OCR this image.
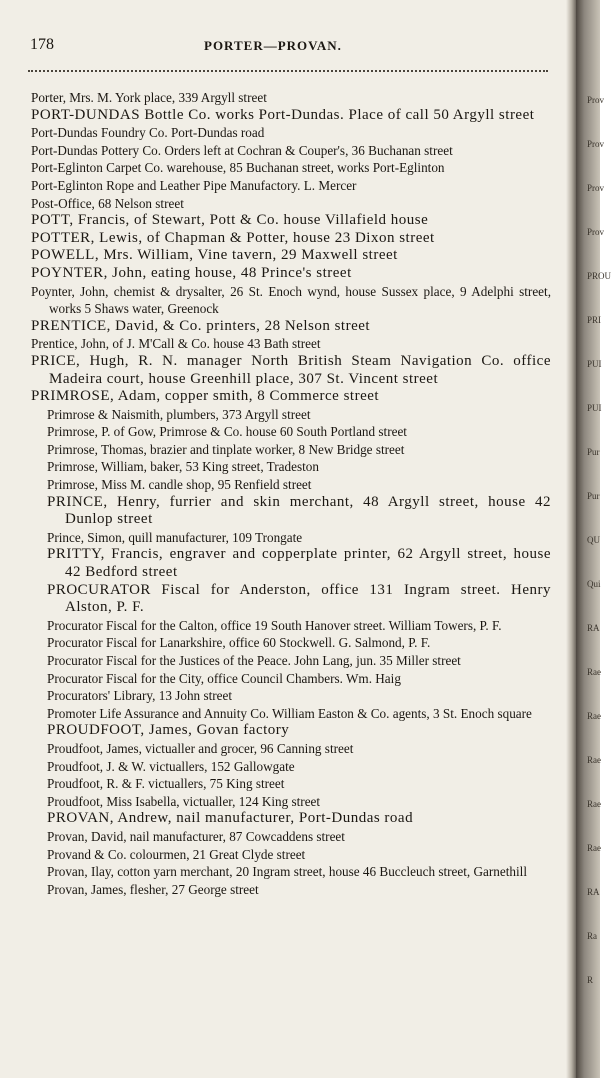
178	PORTER—PROVAN.
Porter, Mrs. M. York place, 339 Argyll street
PORT-DUNDAS Bottle Co. works Port-Dundas. Place of call 50 Argyll street
Port-Dundas Foundry Co. Port-Dundas road
Port-Dundas Pottery Co. Orders left at Cochran & Couper's, 36 Buchanan street
Port-Eglinton Carpet Co. warehouse, 85 Buchanan street, works Port-Eglinton
Port-Eglinton Rope and Leather Pipe Manufactory. L. Mercer
Post-Office, 68 Nelson street
POTT, Francis, of Stewart, Pott & Co. house Villafield house
POTTER, Lewis, of Chapman & Potter, house 23 Dixon street
POWELL, Mrs. William, Vine tavern, 29 Maxwell street
POYNTER, John, eating house, 48 Prince's street
Poynter, John, chemist & drysalter, 26 St. Enoch wynd, house Sussex place, 9 Adelphi street, works 5 Shaws water, Greenock
PRENTICE, David, & Co. printers, 28 Nelson street
Prentice, John, of J. M'Call & Co. house 43 Bath street
PRICE, Hugh, R. N. manager North British Steam Navigation Co. office Madeira court, house Greenhill place, 307 St. Vincent street
PRIMROSE, Adam, copper smith, 8 Commerce street
Primrose & Naismith, plumbers, 373 Argyll street
Primrose, P. of Gow, Primrose & Co. house 60 South Portland street
Primrose, Thomas, brazier and tinplate worker, 8 New Bridge street
Primrose, William, baker, 53 King street, Tradeston
Primrose, Miss M. candle shop, 95 Renfield street
PRINCE, Henry, furrier and skin merchant, 48 Argyll street, house 42 Dunlop street
Prince, Simon, quill manufacturer, 109 Trongate
PRITTY, Francis, engraver and copperplate printer, 62 Argyll street, house 42 Bedford street
PROCURATOR Fiscal for Anderston, office 131 Ingram street. Henry Alston, P. F.
Procurator Fiscal for the Calton, office 19 South Hanover street. William Towers, P. F.
Procurator Fiscal for Lanarkshire, office 60 Stockwell. G. Salmond, P. F.
Procurator Fiscal for the Justices of the Peace. John Lang, jun. 35 Miller street
Procurator Fiscal for the City, office Council Chambers. Wm. Haig
Procurators' Library, 13 John street
Promoter Life Assurance and Annuity Co. William Easton & Co. agents, 3 St. Enoch square
PROUDFOOT, James, Govan factory
Proudfoot, James, victualler and grocer, 96 Canning street
Proudfoot, J. & W. victuallers, 152 Gallowgate
Proudfoot, R. & F. victuallers, 75 King street
Proudfoot, Miss Isabella, victualler, 124 King street
PROVAN, Andrew, nail manufacturer, Port-Dundas road
Provan, David, nail manufacturer, 87 Cowcaddens street
Provand & Co. colourmen, 21 Great Clyde street
Provan, Ilay, cotton yarn merchant, 20 Ingram street, house 46 Buccleuch street, Garnethill
Provan, James, flesher, 27 George street
Prov
Prov
Prov
Prov
PROU
PRI
PUI
PUI
Pur
Pur
QU
Qui
RA
Rae
Rae
Rae
Rae
Rae
RA
Ra
R
